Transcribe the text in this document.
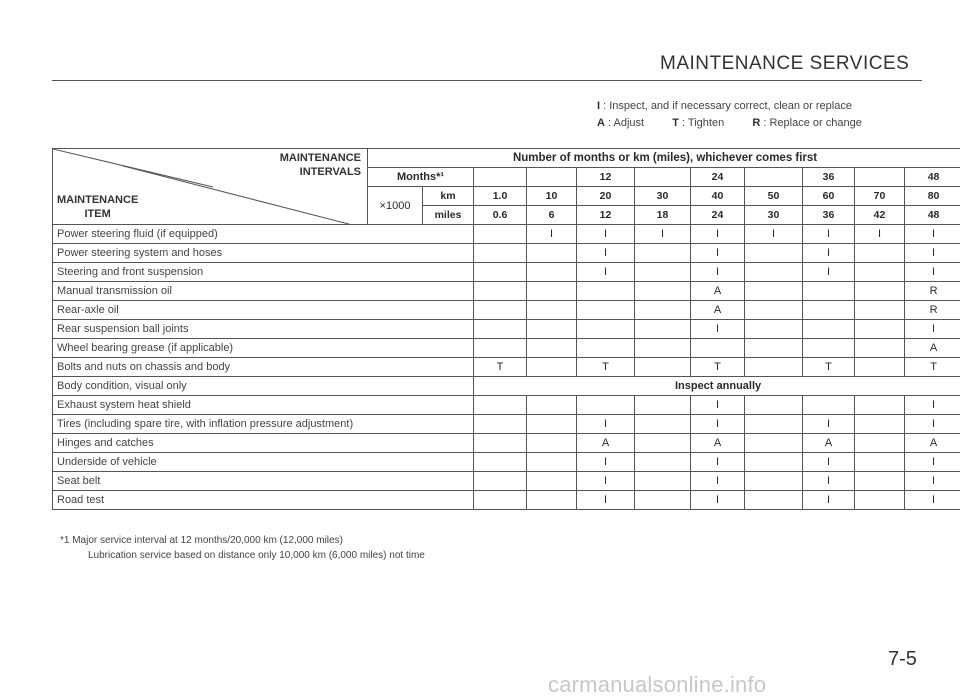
MAINTENANCE SERVICES
I : Inspect, and if necessary correct, clean or replace
A : Adjust	T : Tighten	R : Replace or change
MAINTENANCE
INTERVALS
MAINTENANCE
ITEM	Number of months or km (miles), whichever comes first										
	Months*¹				12		24		36		48
	×1000	km	1.0	10	20	30	40	50	60	70	80
		miles	0.6	6	12	18	24	30	36	42	48
Power steering fluid (if equipped)				I	I	I	I	I	I	I	I
Power steering system and hoses					I		I		I		I
Steering and front suspension					I		I		I		I
Manual transmission oil							A				R
Rear-axle oil							A				R
Rear suspension ball joints							I				I
Wheel bearing grease (if applicable)											A
Bolts and nuts on chassis and body			T		T		T		T		T
Body condition, visual only			Inspect annually								
Exhaust system heat shield							I				I
Tires (including spare tire, with inflation pressure adjustment)					I		I		I		I
Hinges and catches					A		A		A		A
Underside of vehicle					I		I		I		I
Seat belt					I		I		I		I
Road test					I		I		I		I
*1 Major service interval at 12 months/20,000 km (12,000 miles)
Lubrication service based on distance only 10,000 km (6,000 miles) not time
7-5
carmanualsonline.info
